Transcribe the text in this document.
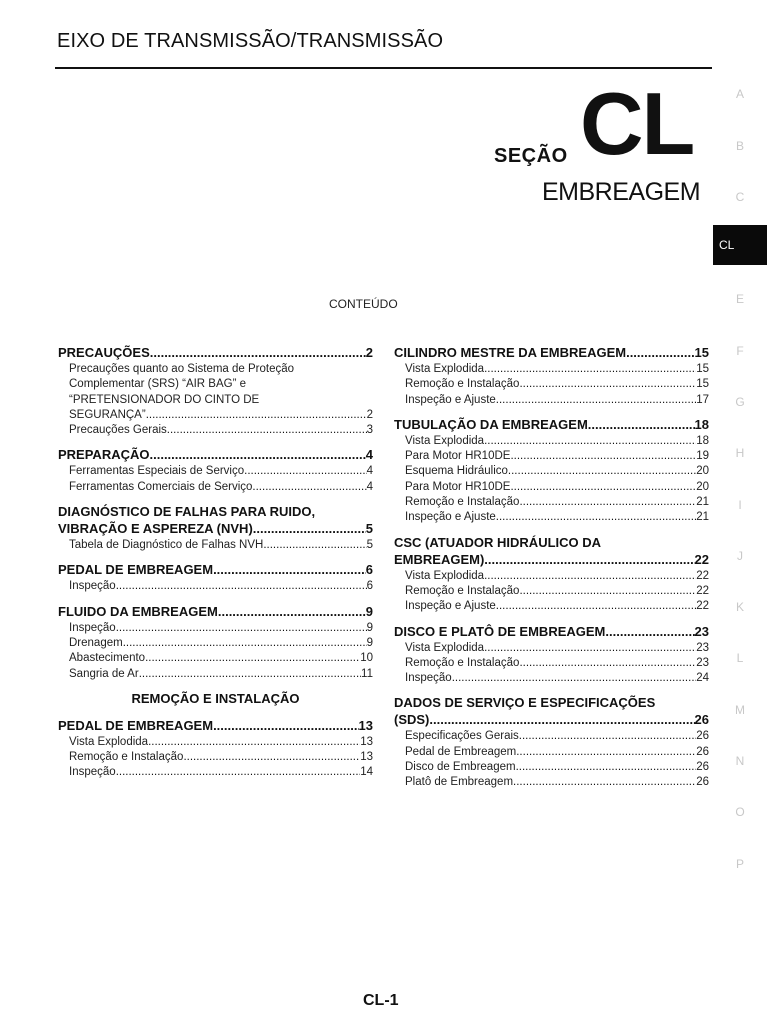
EIXO DE TRANSMISSÃO/TRANSMISSÃO
SEÇÃO CL
EMBREAGEM
CONTEÚDO
A
B
C
CL
E
F
G
H
I
J
K
L
M
N
O
P
PRECAUÇÕES .....	2
Precauções quanto ao Sistema de Proteção
Complementar (SRS) “AIR BAG” e
“PRETENSIONADOR DO CINTO DE
SEGURANÇA” .....	2
Precauções Gerais .....	3
PREPARAÇÃO .....	4
Ferramentas Especiais de Serviço .....	4
Ferramentas Comerciais de Serviço .....	4
DIAGNÓSTICO DE FALHAS PARA RUIDO,
VIBRAÇÃO E ASPEREZA (NVH) .....	5
Tabela de Diagnóstico de Falhas NVH .....	5
PEDAL DE EMBREAGEM .....	6
Inspeção .....	6
FLUIDO DA EMBREAGEM .....	9
Inspeção .....	9
Drenagem .....	9
Abastecimento .....	10
Sangria de Ar .....	11
REMOÇÃO E INSTALAÇÃO
PEDAL DE EMBREAGEM .....	13
Vista Explodida .....	13
Remoção e Instalação .....	13
Inspeção .....	14
CILINDRO MESTRE DA EMBREAGEM .....	15
Vista Explodida .....	15
Remoção e Instalação .....	15
Inspeção e Ajuste .....	17
TUBULAÇÃO DA EMBREAGEM .....	18
Vista Explodida .....	18
Para Motor HR10DE .....	19
Esquema Hidráulico .....	20
Para Motor HR10DE .....	20
Remoção e Instalação .....	21
Inspeção e Ajuste .....	21
CSC (ATUADOR HIDRÁULICO DA
EMBREAGEM) .....	22
Vista Explodida .....	22
Remoção e Instalação .....	22
Inspeção e Ajuste .....	22
DISCO E PLATÔ DE EMBREAGEM .....	23
Vista Explodida .....	23
Remoção e Instalação .....	23
Inspeção .....	24
DADOS DE SERVIÇO E ESPECIFICAÇÕES
(SDS) .....	26
Especificações Gerais .....	26
Pedal de Embreagem .....	26
Disco de Embreagem .....	26
Platô de Embreagem .....	26
CL-1
